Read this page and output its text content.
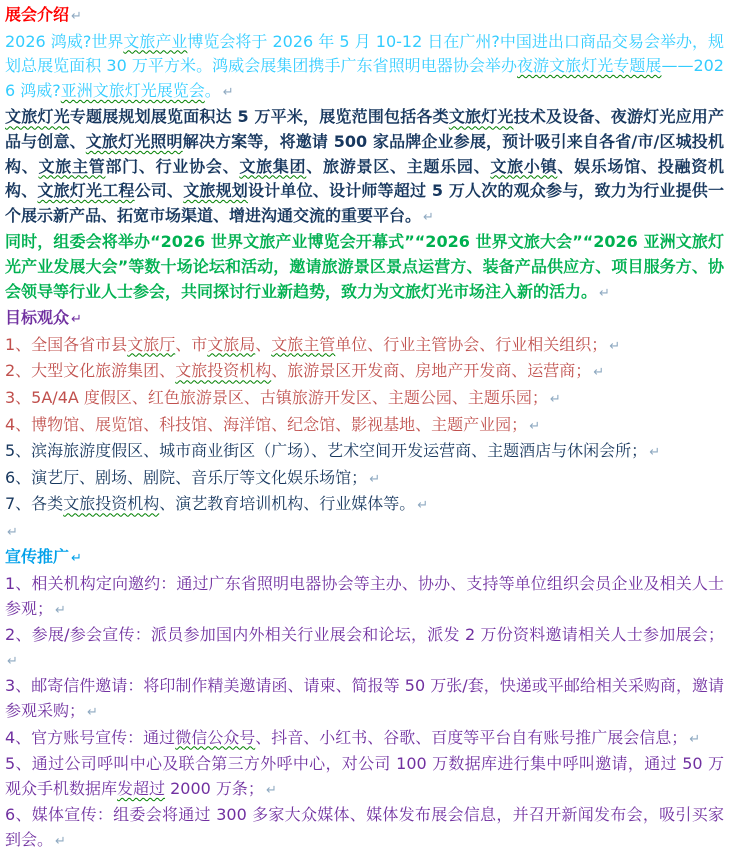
展会介绍 ↵
2026 鸿威?世界文旅产业博览会将于 2026 年 5 月 10-12 日在广州?中国进出口商品交易会举办，规划总展览面积 30 万平方米。鸿威会展集团携手广东省照明电器协会举办夜游文旅灯光专题展——2026 鸿威?亚洲文旅灯光展览会。 ↵
文旅灯光专题展规划展览面积达 5 万平米，展览范围包括各类文旅灯光技术及设备、夜游灯光应用产品与创意、文旅灯光照明解决方案等，将邀请 500 家品牌企业参展，预计吸引来自各省/市/区城投机构、文旅主管部门、行业协会、文旅集团、旅游景区、主题乐园、文旅小镇、娱乐场馆、投融资机构、文旅灯光工程公司、文旅规划设计单位、设计师等超过 5 万人次的观众参与，致力为行业提供一个展示新产品、拓宽市场渠道、增进沟通交流的重要平台。 ↵
同时，组委会将举办“2026 世界文旅产业博览会开幕式”“2026 世界文旅大会”“2026 亚洲文旅灯光产业发展大会”等数十场论坛和活动，邀请旅游景区景点运营方、装备产品供应方、项目服务方、协会领导等行业人士参会，共同探讨行业新趋势，致力为文旅灯光市场注入新的活力。 ↵
目标观众 ↵
1、全国各省市县文旅厅、市文旅局、文旅主管单位、行业主管协会、行业相关组织； ↵
2、大型文化旅游集团、文旅投资机构、旅游景区开发商、房地产开发商、运营商； ↵
3、5A/4A 度假区、红色旅游景区、古镇旅游开发区、主题公园、主题乐园； ↵
4、博物馆、展览馆、科技馆、海洋馆、纪念馆、影视基地、主题产业园； ↵
5、滨海旅游度假区、城市商业街区（广场）、艺术空间开发运营商、主题酒店与休闲会所； ↵
6、演艺厅、剧场、剧院、音乐厅等文化娱乐场馆； ↵
7、各类文旅投资机构、演艺教育培训机构、行业媒体等。 ↵
↵
宣传推广 ↵
1、相关机构定向邀约：通过广东省照明电器协会等主办、协办、支持等单位组织会员企业及相关人士参观； ↵
2、参展/参会宣传：派员参加国内外相关行业展会和论坛，派发 2 万份资料邀请相关人士参加展会；↵
3、邮寄信件邀请：将印制作精美邀请函、请柬、简报等 50 万张/套，快递或平邮给相关采购商，邀请参观采购； ↵
4、官方账号宣传：通过微信公众号、抖音、小红书、谷歌、百度等平台自有账号推广展会信息； ↵
5、通过公司呼叫中心及联合第三方外呼中心，对公司 100 万数据库进行集中呼叫邀请，通过 50 万观众手机数据库发超过 2000 万条； ↵
6、媒体宣传：组委会将通过 300 多家大众媒体、媒体发布展会信息，并召开新闻发布会，吸引买家到会。 ↵
